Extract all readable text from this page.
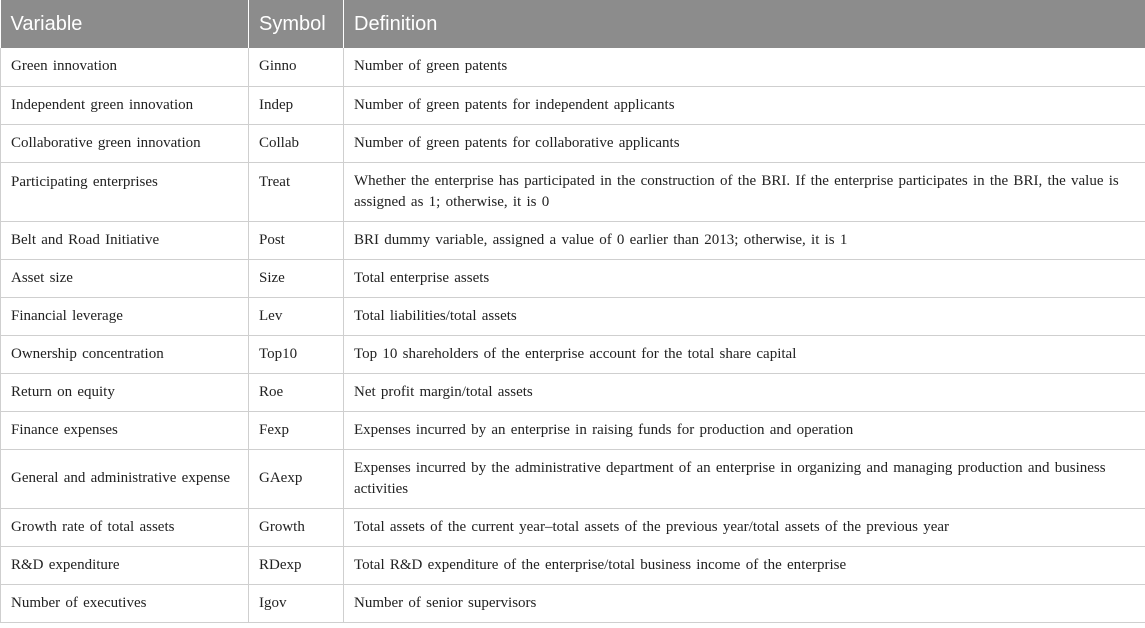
Variable	Symbol	Definition
Green innovation	Ginno	Number of green patents
Independent green innovation	Indep	Number of green patents for independent applicants
Collaborative green innovation	Collab	Number of green patents for collaborative applicants
Participating enterprises	Treat	Whether the enterprise has participated in the construction of the BRI. If the enterprise participates in the BRI, the value is assigned as 1; otherwise, it is 0
Belt and Road Initiative	Post	BRI dummy variable, assigned a value of 0 earlier than 2013; otherwise, it is 1
Asset size	Size	Total enterprise assets
Financial leverage	Lev	Total liabilities/total assets
Ownership concentration	Top10	Top 10 shareholders of the enterprise account for the total share capital
Return on equity	Roe	Net profit margin/total assets
Finance expenses	Fexp	Expenses incurred by an enterprise in raising funds for production and operation
General and administrative expense	GAexp	Expenses incurred by the administrative department of an enterprise in organizing and managing production and business activities
Growth rate of total assets	Growth	Total assets of the current year–total assets of the previous year/total assets of the previous year
R&D expenditure	RDexp	Total R&D expenditure of the enterprise/total business income of the enterprise
Number of executives	Igov	Number of senior supervisors
